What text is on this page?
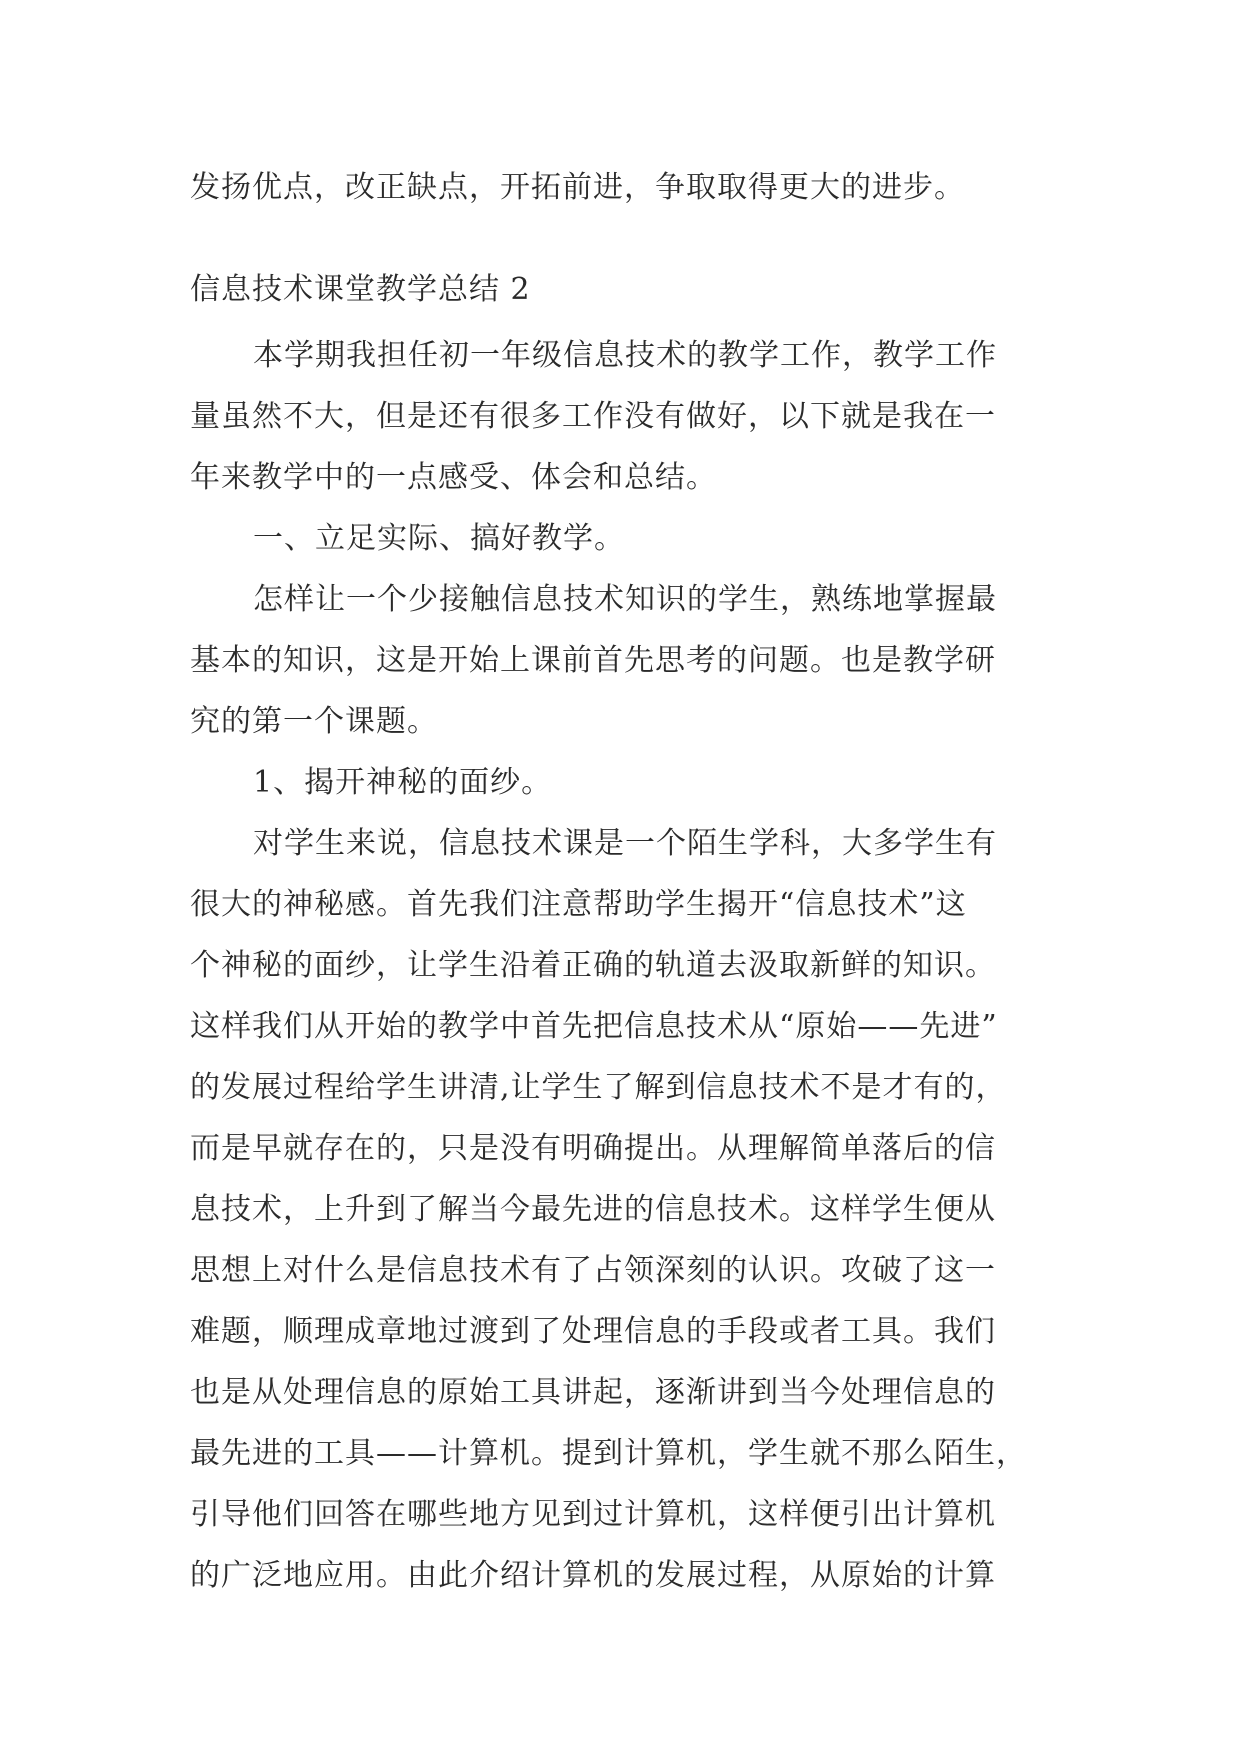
发扬优点，改正缺点，开拓前进，争取取得更大的进步。

信息技术课堂教学总结 2

本学期我担任初一年级信息技术的教学工作，教学工作

量虽然不大，但是还有很多工作没有做好，以下就是我在一

年来教学中的一点感受、体会和总结。

一、立足实际、搞好教学。

怎样让一个少接触信息技术知识的学生，熟练地掌握最

基本的知识，这是开始上课前首先思考的问题。也是教学研

究的第一个课题。

1、揭开神秘的面纱。

对学生来说，信息技术课是一个陌生学科，大多学生有

很大的神秘感。首先我们注意帮助学生揭开“信息技术”这

个神秘的面纱，让学生沿着正确的轨道去汲取新鲜的知识。

这样我们从开始的教学中首先把信息技术从“原始——先进”

的发展过程给学生讲清,让学生了解到信息技术不是才有的，

而是早就存在的，只是没有明确提出。从理解简单落后的信

息技术，上升到了解当今最先进的信息技术。这样学生便从

思想上对什么是信息技术有了占领深刻的认识。攻破了这一

难题，顺理成章地过渡到了处理信息的手段或者工具。我们

也是从处理信息的原始工具讲起，逐渐讲到当今处理信息的

最先进的工具——计算机。提到计算机，学生就不那么陌生，

引导他们回答在哪些地方见到过计算机，这样便引出计算机

的广泛地应用。由此介绍计算机的发展过程，从原始的计算
